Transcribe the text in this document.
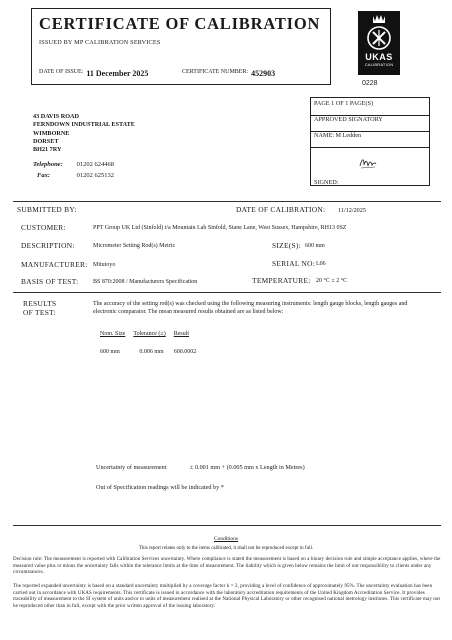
CERTIFICATE OF CALIBRATION
ISSUED BY MP CALIBRATION SERVICES
DATE OF ISSUE: 11 December 2025	CERTIFICATE NUMBER: 452903
UKAS
CALIBRATION
0228
43 DAVIS ROAD
FERNDOWN INDUSTRIAL ESTATE
WIMBORNE
DORSET
BH21 7RY
Telephone: 01202 624468
Fax:	01202 625132
PAGE 1 OF 1 PAGE(S)
APPROVED SIGNATORY
NAME: M Ledden
SIGNED:
SUBMITTED BY:	DATE OF CALIBRATION: 11/12/2025
CUSTOMER:	PPT Group UK Ltd (Sinfold) t/a Mountain Lab Sinfold, Stane Lane, West Sussex, Hampshire, RH13 0SZ
DESCRIPTION:	Micrometer Setting Rod(s) Metric	SIZE(S): 600 mm
MANUFACTURER: Mitutoyo	SERIAL NO: L06
BASIS OF TEST: BS 870:2008 / Manufacturers Specification	TEMPERATURE: 20 °C ± 2 °C
RESULTS
OF TEST:
The accuracy of the setting rod(s) was checked using the following measuring instruments: length gauge blocks, length gauges and electronic comparator. The mean measured results obtained are as listed below:
Nom. Size	Tolerance (±)	Result
600 mm	0.006 mm	600.0002
Uncertainty of measurement	± 0.001 mm + (0.005 mm x Length in Metres)
Out of Specification readings will be indicated by *
Conditions
This report relates only to the items calibrated, it shall not be reproduced except in full.
Decision rule: The measurement is reported with Calibration Services uncertainty. Where compliance is stated the measurement is based on a binary decision rule and simple acceptance applies, where the measured value plus or minus the uncertainty falls within the tolerance limits at the time of measurement. The liability which is given below remains the limit of our responsibility to clients under any circumstances.
The reported expanded uncertainty is based on a standard uncertainty multiplied by a coverage factor k = 2, providing a level of confidence of approximately 95%. The uncertainty evaluation has been carried out in accordance with UKAS requirements. This certificate is issued in accordance with the laboratory accreditation requirements of the United Kingdom Accreditation Service. It provides traceability of measurement to the SI system of units and/or to units of measurement realised at the National Physical Laboratory or other recognised national metrology institutes. This certificate may not be reproduced other than in full, except with the prior written approval of the issuing laboratory.
